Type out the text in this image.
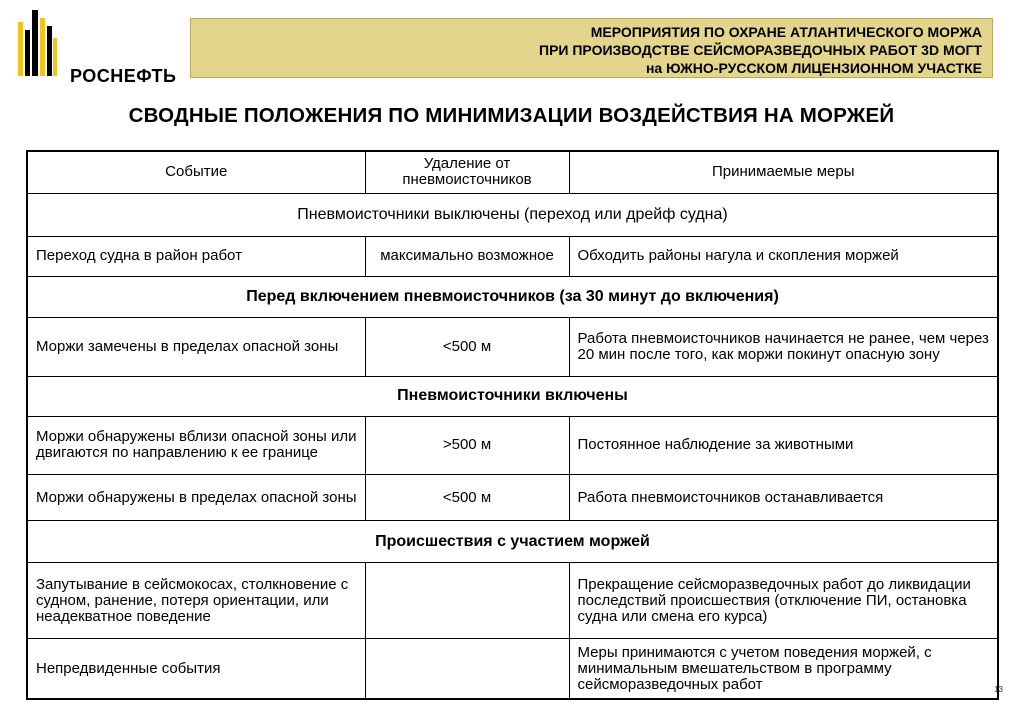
РОСНЕФТЬ
МЕРОПРИЯТИЯ ПО ОХРАНЕ АТЛАНТИЧЕСКОГО МОРЖА
ПРИ ПРОИЗВОДСТВЕ СЕЙСМОРАЗВЕДОЧНЫХ РАБОТ 3D МОГТ
на ЮЖНО-РУССКОМ ЛИЦЕНЗИОННОМ УЧАСТКЕ
СВОДНЫЕ ПОЛОЖЕНИЯ ПО МИНИМИЗАЦИИ ВОЗДЕЙСТВИЯ НА МОРЖЕЙ
Событие	Удаление от пневмоисточников	Принимаемые меры
Пневмоисточники выключены (переход или дрейф судна)		
Переход судна в район работ	максимально возможное	Обходить районы нагула и скопления моржей
Перед включением пневмоисточников (за 30 минут до включения)		
Моржи замечены в пределах опасной зоны	<500 м	Работа пневмоисточников начинается не ранее, чем через 20 мин после того, как моржи покинут опасную зону
Пневмоисточники включены		
Моржи обнаружены вблизи опасной зоны или двигаются по направлению к ее границе	>500 м	Постоянное наблюдение за животными
Моржи обнаружены в пределах опасной зоны	<500 м	Работа пневмоисточников останавливается
Происшествия с участием моржей		
Запутывание в сейсмокосах, столкновение с судном, ранение, потеря ориентации, или неадекватное поведение		Прекращение сейсморазведочных работ до ликвидации последствий происшествия (отключение ПИ, остановка судна или смена его курса)
Непредвиденные события		Меры принимаются с учетом поведения моржей, с минимальным вмешательством в программу сейсморазведочных работ	13
